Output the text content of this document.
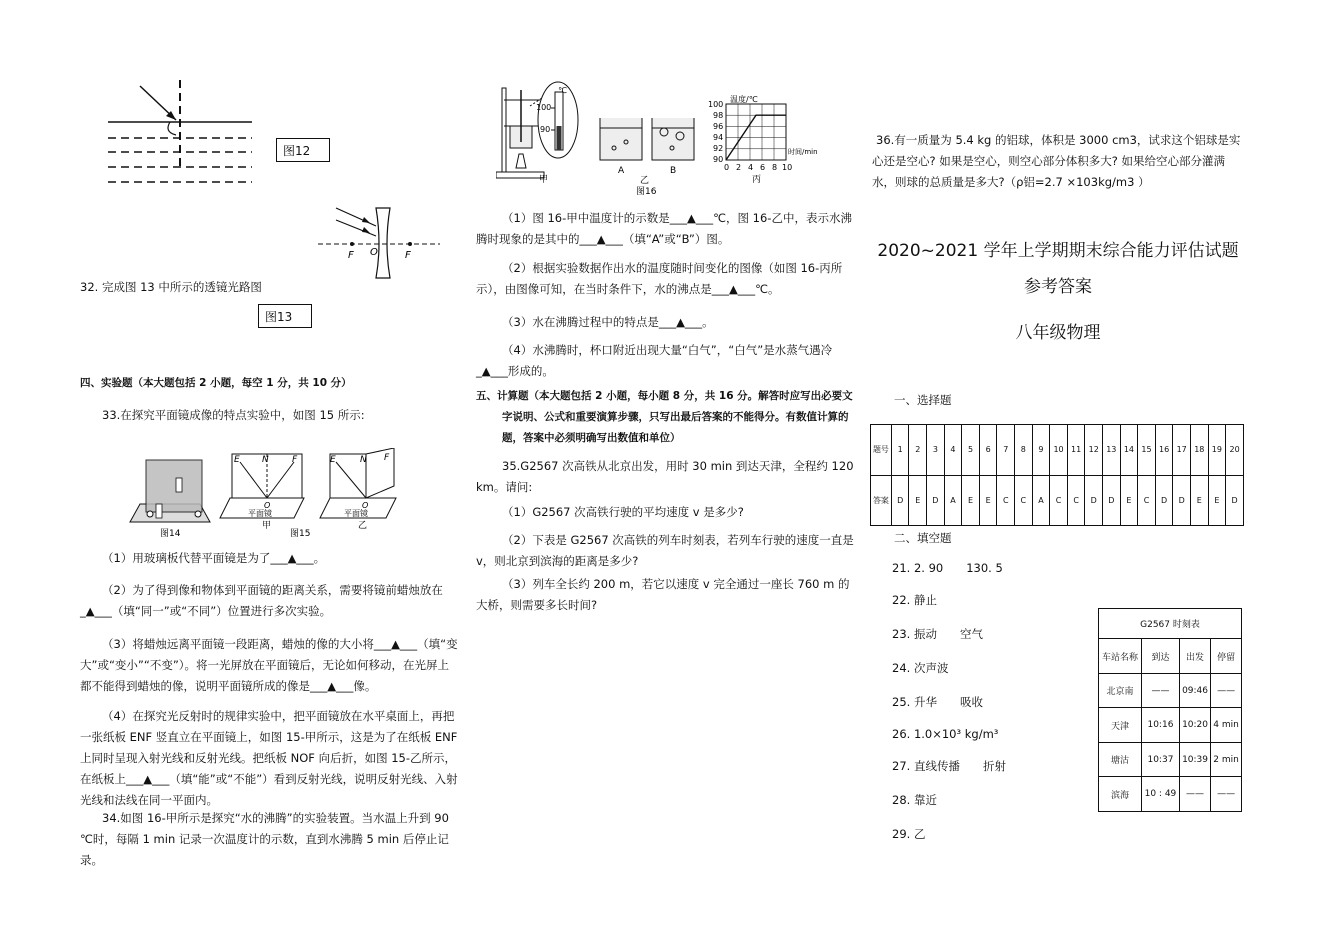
图12
F O	F
32. 完成图 13 中所示的透镜光路图
图13
四、实验题（本大题包括 2 小题，每空 1 分，共 10 分）
33.在探究平面镜成像的特点实验中，如图 15 所示:
图14
E N	F
O
平面镜
甲
E	N F
O
平面镜
乙
图15
（1）用玻璃板代替平面镜是为了___▲___。
（2）为了得到像和物体到平面镜的距离关系，需要将镜前蜡烛放在_▲___（填“同一”或“不同”）位置进行多次实验。
（3）将蜡烛远离平面镜一段距离，蜡烛的像的大小将___▲___（填“变大”或“变小”“不变”）。将一光屏放在平面镜后，无论如何移动，在光屏上都不能得到蜡烛的像，说明平面镜所成的像是___▲___像。
（4）在探究光反射时的规律实验中，把平面镜放在水平桌面上，再把一张纸板 ENF 竖直立在平面镜上，如图 15-甲所示，这是为了在纸板 ENF 上同时呈现入射光线和反射光线。把纸板 NOF 向后折，如图 15-乙所示，在纸板上___▲___（填“能”或“不能”）看到反射光线，说明反射光线、入射光线和法线在同一平面内。
34.如图 16-甲所示是探究“水的沸腾”的实验装置。当水温上升到 90 ℃时，每隔 1 min 记录一次温度计的示数，直到水沸腾 5 min 后停止记录。
℃
100
90
甲
A	B
乙
图16
90
92
94
96
98
100
0 2 4 6 8 10
温度/℃
时间/min
丙
（1）图 16-甲中温度计的示数是___▲___℃，图 16-乙中，表示水沸腾时现象的是其中的___▲___（填“A”或“B”）图。
（2）根据实验数据作出水的温度随时间变化的图像（如图 16-丙所示），由图像可知，在当时条件下，水的沸点是___▲___℃。
（3）水在沸腾过程中的特点是___▲___。
（4）水沸腾时，杯口附近出现大量“白气”，“白气”是水蒸气遇冷_▲___形成的。
五、计算题（本大题包括 2 小题，每小题 8 分，共 16 分。解答时应写出必要文字说明、公式和重要演算步骤，只写出最后答案的不能得分。有数值计算的题，答案中必须明确写出数值和单位）
35.G2567 次高铁从北京出发，用时 30 min 到达天津，全程约 120 km。请问:
（1）G2567 次高铁行驶的平均速度 v 是多少?
（2）下表是 G2567 次高铁的列车时刻表，若列车行驶的速度一直是 v，则北京到滨海的距离是多少?
（3）列车全长约 200 m，若它以速度 v 完全通过一座长 760 m 的大桥，则需要多长时间?
36.有一质量为 5.4 kg 的铝球，体积是 3000 cm3，试求这个铝球是实心还是空心? 如果是空心，则空心部分体积多大? 如果给空心部分灌满水，则球的总质量是多大?（ρ铝=2.7 ×103kg/m3 ）
2020~2021 学年上学期期末综合能力评估试题
参考答案
八年级物理
一、选择题
题号	1	2	3	4	5	6	7	8	9	10	11	12	13	14	15	16	17	18	19	20
答案	D	E	D	A	E	E	C	C	A	C	C	D	D	E	C	D	D	E	E	D
二、填空题
21. 2. 90　　130. 5
22. 静止
23. 振动　　空气
24. 次声波
25. 升华　　吸收
26. 1.0×10³ kg/m³
27. 直线传播　　折射
28. 靠近
29. 乙
G2567 时刻表			
车站名称	到达	出发	停留
北京南	——	09:46	——
天津	10:16	10:20	4 min
塘沽	10:37	10:39	2 min
滨海	10 : 49	——	——
